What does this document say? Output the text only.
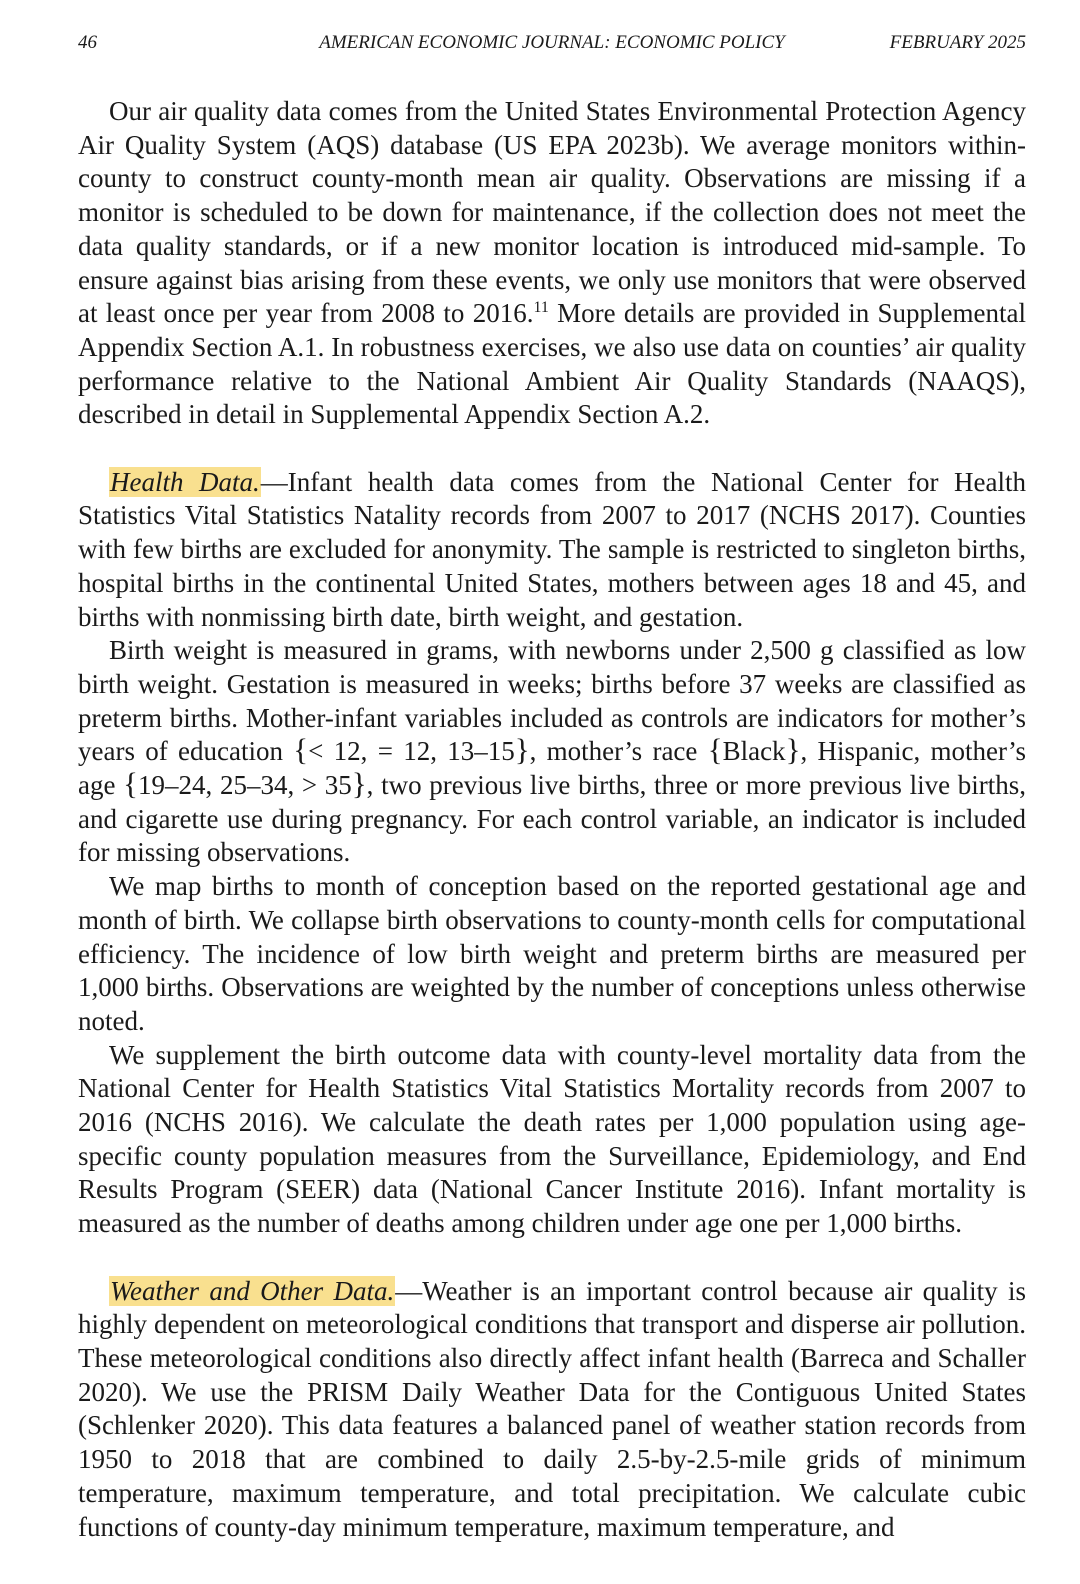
46	AMERICAN ECONOMIC JOURNAL: ECONOMIC POLICY	FEBRUARY 2025

Our air quality data comes from the United States Environmental Protection Agency Air Quality System (AQS) database (US EPA 2023b). We average monitors within-county to construct county-month mean air quality. Observations are missing if a monitor is scheduled to be down for maintenance, if the collection does not meet the data quality standards, or if a new monitor location is introduced mid-sample. To ensure against bias arising from these events, we only use monitors that were observed at least once per year from 2008 to 2016.11 More details are provided in Supplemental Appendix Section A.1. In robustness exercises, we also use data on counties’ air quality performance relative to the National Ambient Air Quality Standards (NAAQS), described in detail in Supplemental Appendix Section A.2.

Health Data.—Infant health data comes from the National Center for Health Statistics Vital Statistics Natality records from 2007 to 2017 (NCHS 2017). Counties with few births are excluded for anonymity. The sample is restricted to singleton births, hospital births in the continental United States, mothers between ages 18 and 45, and births with nonmissing birth date, birth weight, and gestation.

Birth weight is measured in grams, with newborns under 2,500 g classified as low birth weight. Gestation is measured in weeks; births before 37 weeks are classified as preterm births. Mother-infant variables included as controls are indicators for mother’s years of education {< 12, = 12, 13–15}, mother’s race {Black}, Hispanic, mother’s age {19–24, 25–34, > 35}, two previous live births, three or more previous live births, and cigarette use during pregnancy. For each control variable, an indicator is included for missing observations.

We map births to month of conception based on the reported gestational age and month of birth. We collapse birth observations to county-month cells for computational efficiency. The incidence of low birth weight and preterm births are measured per 1,000 births. Observations are weighted by the number of conceptions unless otherwise noted.

We supplement the birth outcome data with county-level mortality data from the National Center for Health Statistics Vital Statistics Mortality records from 2007 to 2016 (NCHS 2016). We calculate the death rates per 1,000 population using age-specific county population measures from the Surveillance, Epidemiology, and End Results Program (SEER) data (National Cancer Institute 2016). Infant mortality is measured as the number of deaths among children under age one per 1,000 births.

Weather and Other Data.—Weather is an important control because air quality is highly dependent on meteorological conditions that transport and disperse air pollution. These meteorological conditions also directly affect infant health (Barreca and Schaller 2020). We use the PRISM Daily Weather Data for the Contiguous United States (Schlenker 2020). This data features a balanced panel of weather station records from 1950 to 2018 that are combined to daily 2.5-by-2.5-mile grids of minimum temperature, maximum temperature, and total precipitation. We calculate cubic functions of county-day minimum temperature, maximum temperature, and
